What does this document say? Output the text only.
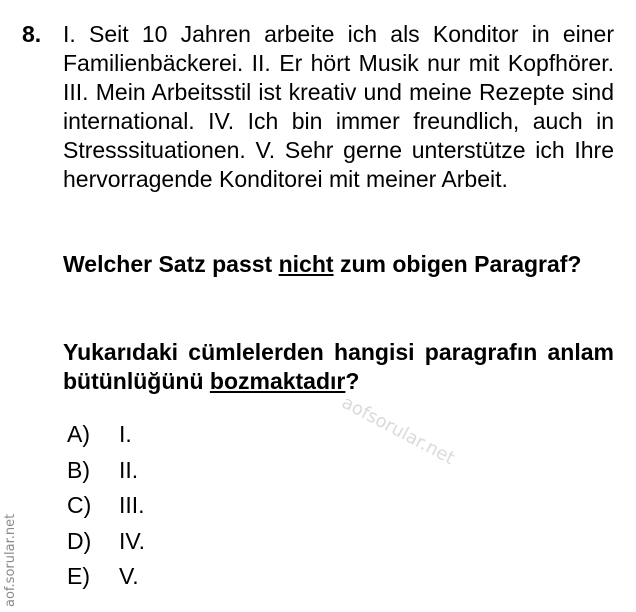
8. I. Seit 10 Jahren arbeite ich als Konditor in einer Familienbäckerei. II. Er hört Musik nur mit Kopfhörer. III. Mein Arbeitsstil ist kreativ und meine Rezepte sind international. IV. Ich bin immer freundlich, auch in Stresssituationen. V. Sehr gerne unterstütze ich Ihre hervorragende Konditorei mit meiner Arbeit.
Welcher Satz passt nicht zum obigen Paragraf?
Yukarıdaki cümlelerden hangisi paragrafın anlam bütünlüğünü bozmaktadır?
A)	I.
B)	II.
C)	III.
D)	IV.
E)	V.
aofsorular.net
aof.sorular.net
